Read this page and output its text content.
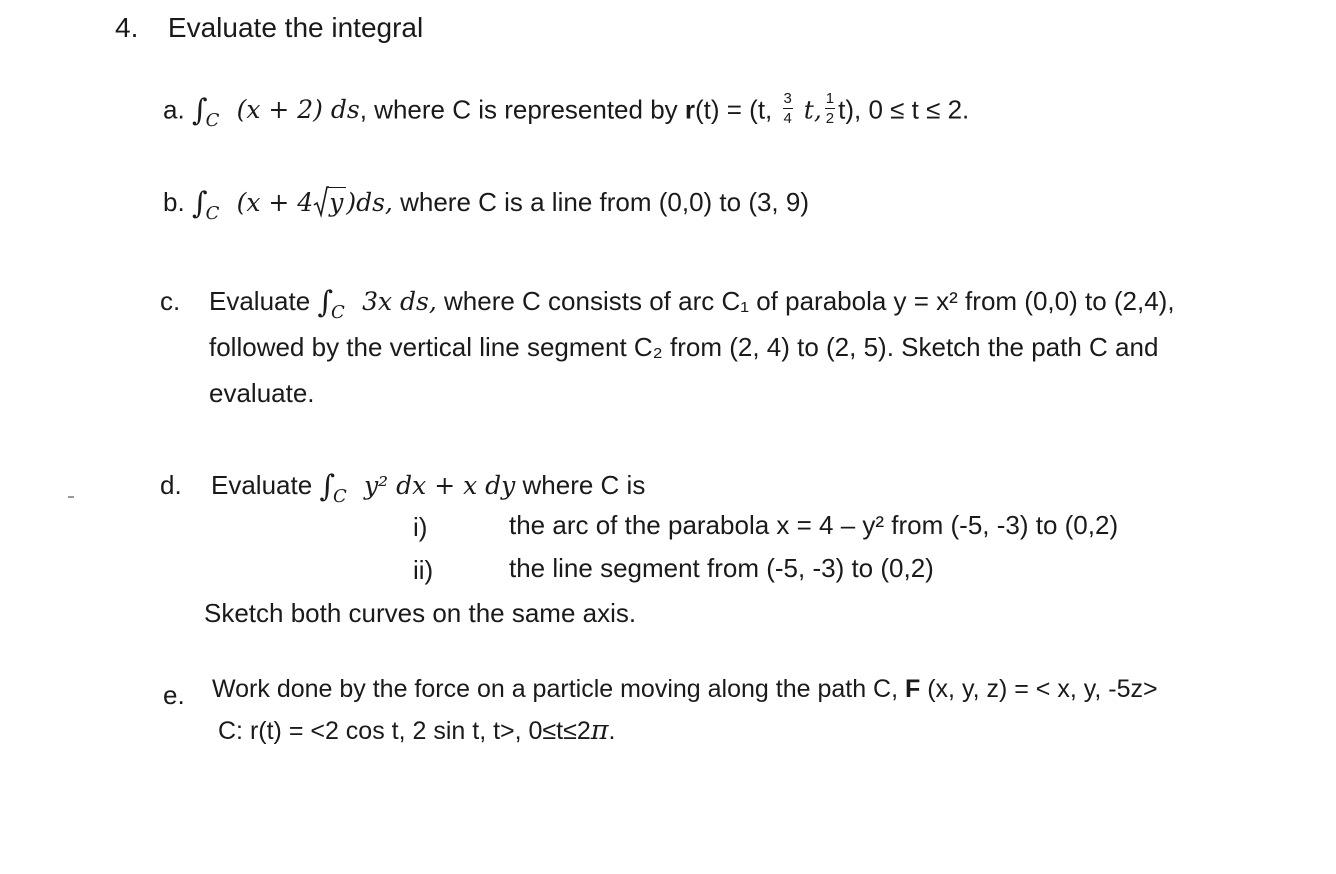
4. Evaluate the integral
a. $\int_C$ (x + 2) ds, where C is represented by r(t) = (t, $\frac{3}{4} t$, $\frac{1}{2} t$), 0 ≤ t ≤ 2.
b. $\int_C$ (x + 4 y )ds, where C is a line from (0,0) to (3, 9)
c. Evaluate $\int_C$ 3x ds, where C consists of arc C₁ of parabola y = x² from (0,0) to (2,4),
followed by the vertical line segment C₂ from (2, 4) to (2, 5). Sketch the path C and
evaluate.
d. Evaluate $\int_C$ y² dx + x dy where C is
i)	the arc of the parabola x = 4 – y² from (-5, -3) to (0,2)
ii)	the line segment from (-5, -3) to (0,2)
Sketch both curves on the same axis.
e. Work done by the force on a particle moving along the path C, F (x, y, z) = < x, y, -5z>
C: r(t) = <2 cos t, 2 sin t, t>, 0≤t≤2π.
